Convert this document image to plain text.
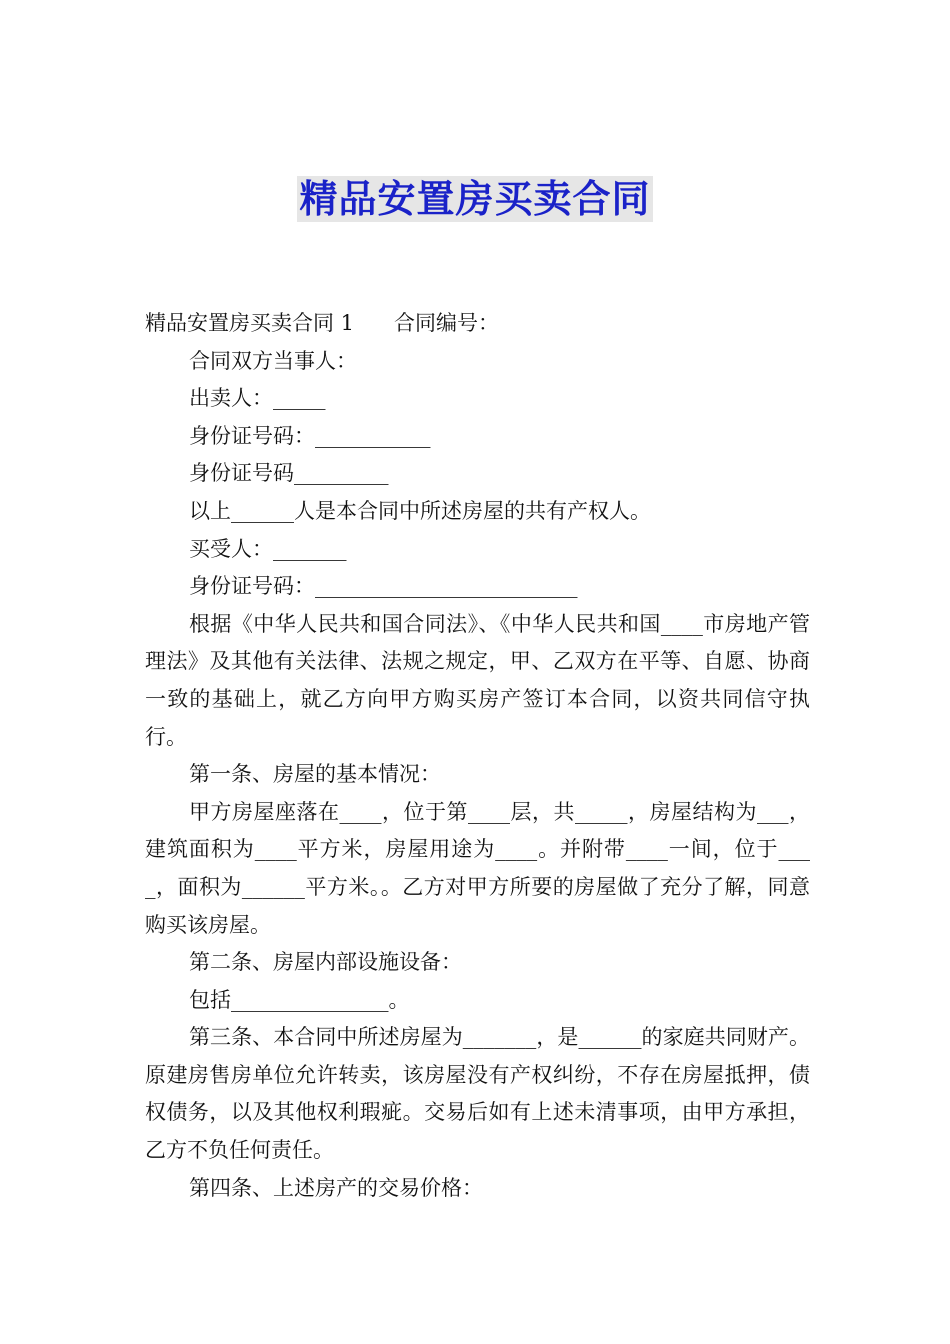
精品安置房买卖合同

精品安置房买卖合同 1 合同编号：

合同双方当事人：

出卖人：_____

身份证号码：___________

身份证号码_________

以上______人是本合同中所述房屋的共有产权人。

买受人：_______

身份证号码：_________________________

根据《中华人民共和国合同法》、《中华人民共和国____市房地产管理法》及其他有关法律、法规之规定，甲、乙双方在平等、自愿、协商一致的基础上，就乙方向甲方购买房产签订本合同，以资共同信守执行。

第一条、房屋的基本情况：

甲方房屋座落在____，位于第____层，共_____，房屋结构为___，建筑面积为____平方米，房屋用途为____。并附带____一间，位于____，面积为______平方米。。乙方对甲方所要的房屋做了充分了解，同意购买该房屋。

第二条、房屋内部设施设备：

包括_______________。

第三条、本合同中所述房屋为_______，是______的家庭共同财产。原建房售房单位允许转卖，该房屋没有产权纠纷，不存在房屋抵押，债权债务，以及其他权利瑕疵。交易后如有上述未清事项，由甲方承担，乙方不负任何责任。

第四条、上述房产的交易价格：
